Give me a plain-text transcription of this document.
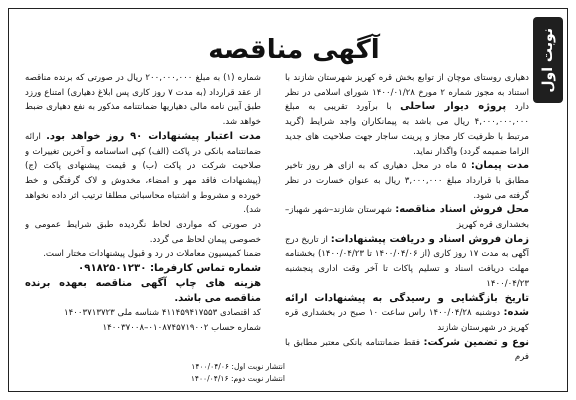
نوبت اول
آگهی مناقصه

دهیاری روستای موچان از توابع بخش قره کهریز شهرستان شازند با استناد به مجوز شماره ۲ مورخ ۱۴۰۰/۰۱/۲۸ شورای اسلامی در نظر دارد پروژه دیوار ساحلی با برآورد تقریبی به مبلغ ۴,۰۰۰,۰۰۰,۰۰۰ ریال می باشد به پیمانکاران واجد شرایط (گرید مرتبط با ظرفیت کار مجاز و پرینت ساجار جهت صلاحیت های جدید الزاما ضمیمه گردد) واگذار نماید.

مدت پیمان: ۵ ماه در محل دهیاری که به ازای هر روز تاخیر مطابق با قرارداد مبلغ ۳,۰۰۰,۰۰۰ ریال به عنوان خسارت در نظر گرفته می شود.

محل فروش اسناد مناقصه: شهرستان شازند–شهر شهباز–بخشداری قره کهریز

زمان فروش اسناد و دریافت پیشنهادات: از تاریخ درج آگهی به مدت ۱۷ روز کاری (از ۱۴۰۰/۰۴/۰۶ تا ۱۴۰۰/۰۴/۲۳) بخشنامه مهلت دریافت اسناد و تسلیم پاکات تا آخر وقت اداری پنجشنبه ۱۴۰۰/۰۴/۲۳

تاریخ بازگشایی و رسیدگی به پیشنهادات ارائه شده: دوشنبه ۱۴۰۰/۰۴/۲۸ راس ساعت ۱۰ صبح در بخشداری قره کهریز در شهرستان شازند

نوع و تضمین شرکت: فقط ضمانتنامه بانکی معتبر مطابق با فرم

شماره (۱) به مبلغ ۲۰۰,۰۰۰,۰۰۰ ریال در صورتی که برنده مناقصه از عقد قرارداد (به مدت ۷ روز کاری پس ابلاغ دهیاری) امتناع ورزد طبق آیین نامه مالی دهیاریها ضمانتنامه مذکور به نفع دهیاری ضبط خواهد شد.

مدت اعتبار پیشنهادات ۹۰ روز خواهد بود. ارائه ضمانتنامه بانکی در پاکت (الف) کپی اساسنامه و آخرین تغییرات و صلاحیت شرکت در پاکت (ب) و قیمت پیشنهادی پاکت (ج) (پیشنهادات فاقد مهر و امضاء، مخدوش و لاک گرفتگی و خط خورده و مشروط و اشتباه محاسباتی مطلقا ترتیب اثر داده نخواهد شد).

در صورتی که مواردی لحاظ نگردیده طبق شرایط عمومی و خصوصی پیمان لحاظ می گردد.

ضمنا کمیسیون معاملات در رد و قبول پیشنهادات مختار است.

شماره تماس کارفرما: ۰۹۱۸۲۵۰۱۲۳۰

هزینه های چاپ آگهی مناقصه بعهده برنده مناقصه می باشد.

کد اقتصادی ۴۱۱۴۵۹۴۱۷۵۵۳ شناسه ملی ۱۴۰۰۳۷۱۳۷۲۳

شماره حساب ۰۱۰۸۷۴۵۷۱۹۰۰۲–۱۴۰۰۳۷۰۰۸

انتشار نوبت اول: ۱۴۰۰/۰۴/۰۶
انتشار نوبت دوم: ۱۴۰۰/۰۴/۱۶
